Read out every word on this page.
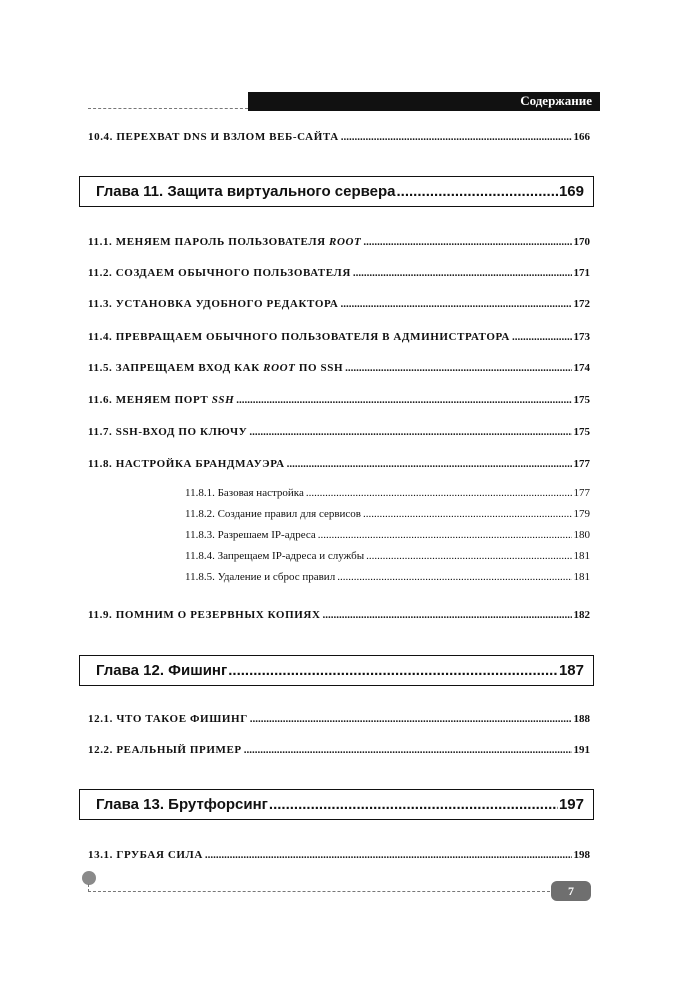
Содержание
10.4. ПЕРЕХВАТ DNS И ВЗЛОМ ВЕБ-САЙТА .....	166
Глава 11. Защита виртуального сервера .....	169
11.1. МЕНЯЕМ ПАРОЛЬ ПОЛЬЗОВАТЕЛЯ ROOT .....	170
11.2. СОЗДАЕМ ОБЫЧНОГО ПОЛЬЗОВАТЕЛЯ .....	171
11.3. УСТАНОВКА УДОБНОГО РЕДАКТОРА .....	172
11.4. ПРЕВРАЩАЕМ ОБЫЧНОГО ПОЛЬЗОВАТЕЛЯ В АДМИНИСТРАТОРА .....	173
11.5. ЗАПРЕЩАЕМ ВХОД КАК ROOT ПО SSH .....	174
11.6. МЕНЯЕМ ПОРТ SSH .....	175
11.7. SSH-ВХОД ПО КЛЮЧУ .....	175
11.8. НАСТРОЙКА БРАНДМАУЭРА .....	177
11.8.1. Базовая настройка .....	177
11.8.2. Создание правил для сервисов .....	179
11.8.3. Разрешаем IP-адреса .....	180
11.8.4. Запрещаем IP-адреса и службы .....	181
11.8.5. Удаление и сброс правил .....	181
11.9. ПОМНИМ О РЕЗЕРВНЫХ КОПИЯХ .....	182
Глава 12. Фишинг .....	187
12.1. ЧТО ТАКОЕ ФИШИНГ .....	188
12.2. РЕАЛЬНЫЙ ПРИМЕР .....	191
Глава 13. Брутфорсинг .....	197
13.1. ГРУБАЯ СИЛА .....	198
7
